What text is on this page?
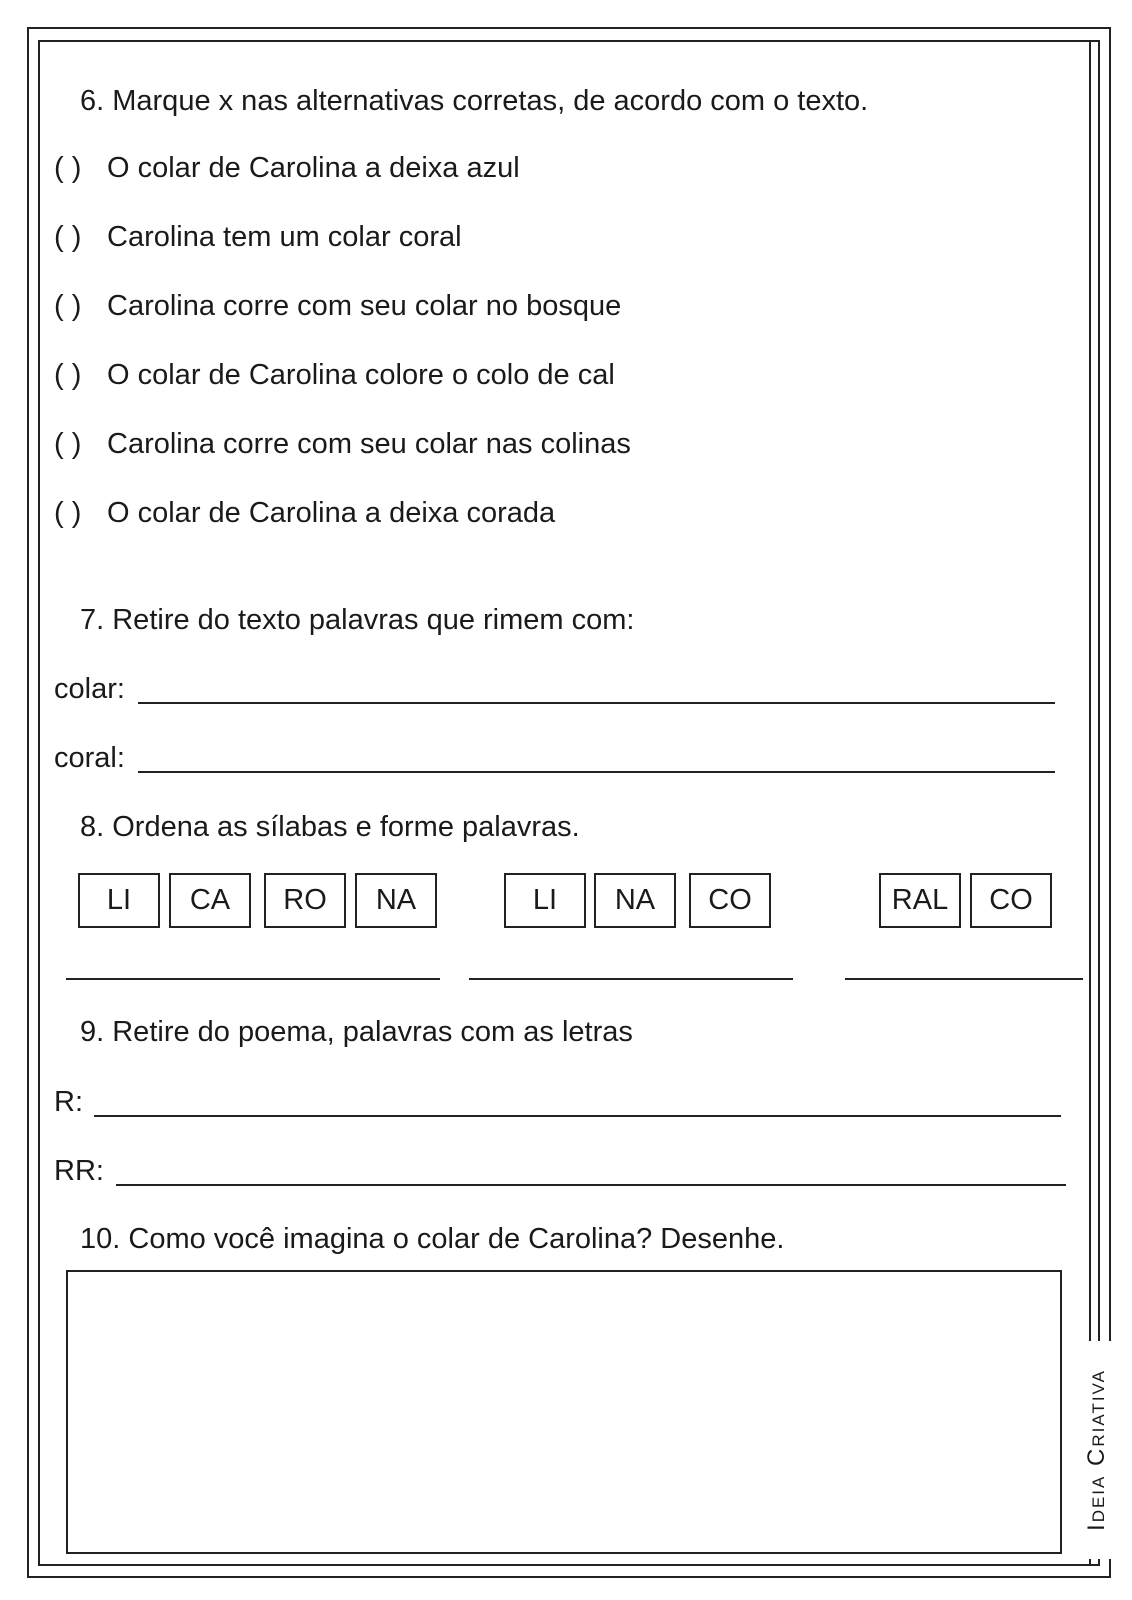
6. Marque x nas alternativas corretas, de acordo com o texto.
( ) O colar de Carolina a deixa azul
( ) Carolina tem um colar coral
( ) Carolina corre com seu colar no bosque
( ) O colar de Carolina colore o colo de cal
( ) Carolina corre com seu colar nas colinas
( ) O colar de Carolina a deixa corada
7. Retire do texto palavras que rimem com:
colar:
coral:
8. Ordena as sílabas e forme palavras.
LI	CA	RO	NA	LI	NA	CO	RAL	CO
9. Retire do poema, palavras com as letras
R:
RR:
10. Como você imagina o colar de Carolina? Desenhe.
Ideia Criativa
